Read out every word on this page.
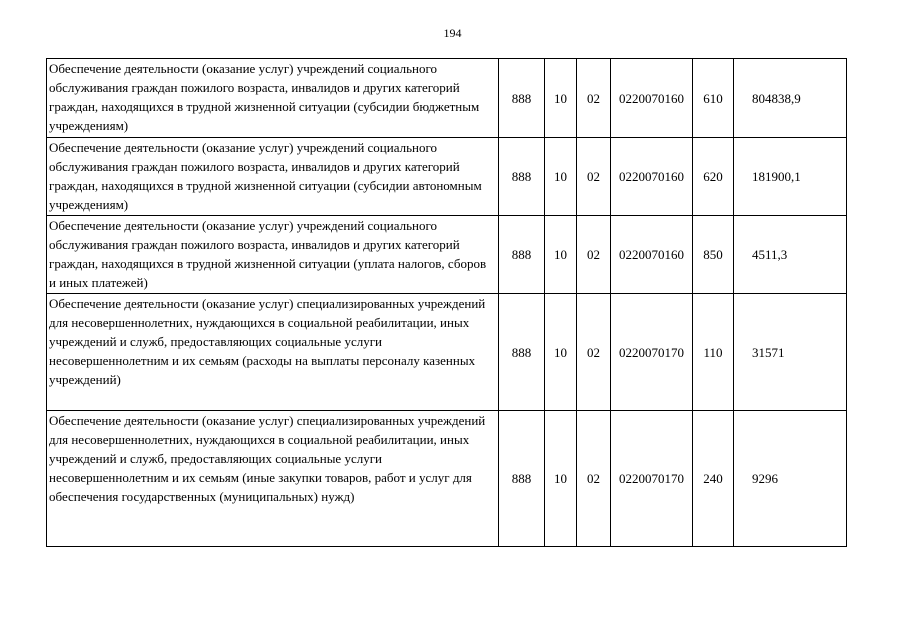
194
Обеспечение деятельности (оказание услуг) учреждений социального обслуживания граждан пожилого возраста, инвалидов и других категорий граждан, находящихся в трудной жизненной ситуации (субсидии бюджетным учреждениям)	888	10	02	0220070160	610	804838,9
Обеспечение деятельности (оказание услуг) учреждений социального обслуживания граждан пожилого возраста, инвалидов и других категорий граждан, находящихся в трудной жизненной ситуации (субсидии автономным учреждениям)	888	10	02	0220070160	620	181900,1
Обеспечение деятельности (оказание услуг) учреждений социального обслуживания граждан пожилого возраста, инвалидов и других категорий граждан, находящихся в трудной жизненной ситуации (уплата налогов, сборов и иных платежей)	888	10	02	0220070160	850	4511,3
Обеспечение деятельности (оказание услуг) специализированных учреждений для несовершеннолетних, нуждающихся в социальной реабилитации, иных учреждений и служб, предоставляющих социальные услуги несовершеннолетним и их семьям (расходы на выплаты персоналу казенных учреждений)	888	10	02	0220070170	110	31571
Обеспечение деятельности (оказание услуг) специализированных учреждений для несовершеннолетних, нуждающихся в социальной реабилитации, иных учреждений и служб, предоставляющих социальные услуги несовершеннолетним и их семьям (иные закупки товаров, работ и услуг для обеспечения государственных (муниципальных) нужд)	888	10	02	0220070170	240	9296
